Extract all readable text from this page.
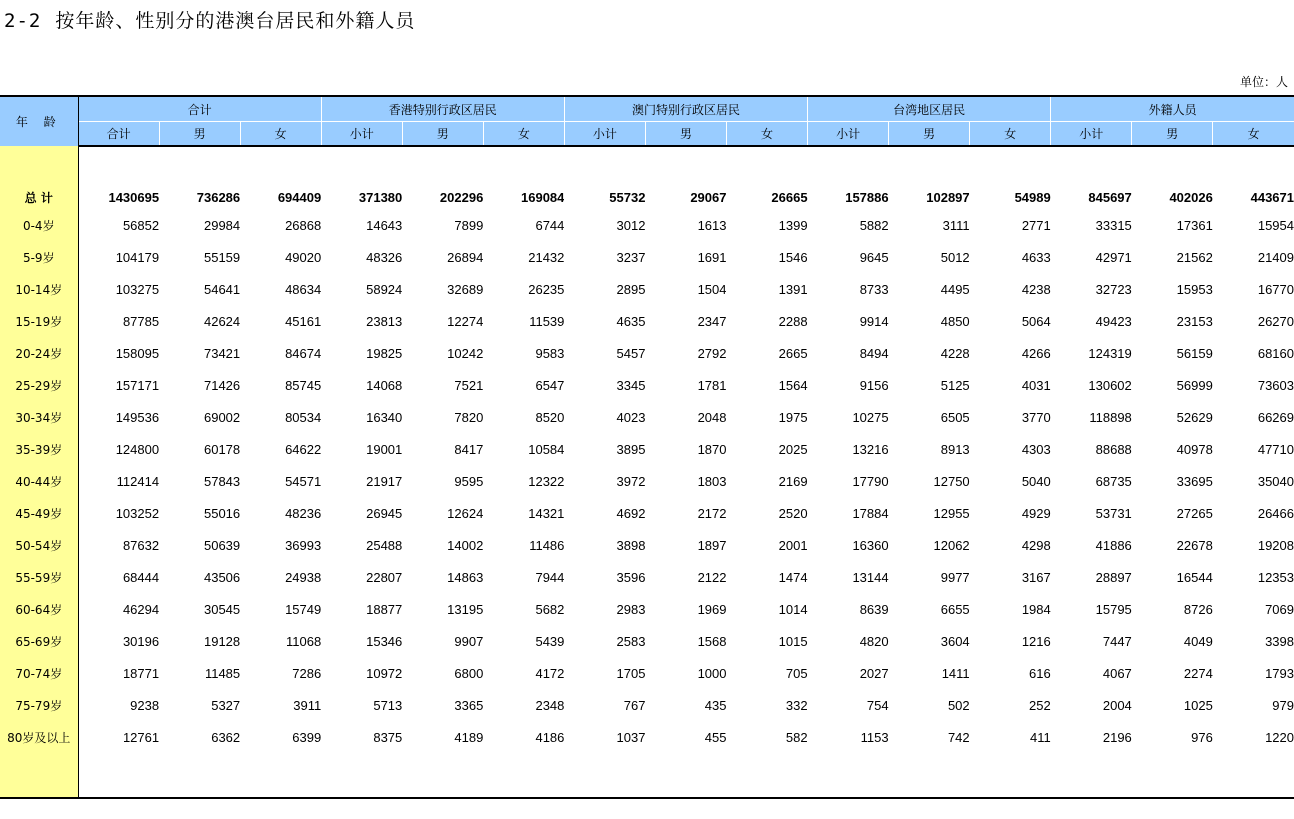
2-2 按年龄、性别分的港澳台居民和外籍人员
单位：人
年 龄	合计			香港特别行政区居民			澳门特别行政区居民			台湾地区居民			外籍人员		
	合计	男	女	小计	男	女	小计	男	女	小计	男	女	小计	男	女

总 计	1430695	736286	694409	371380	202296	169084	55732	29067	26665	157886	102897	54989	845697	402026	443671
0-4岁	56852	29984	26868	14643	7899	6744	3012	1613	1399	5882	3111	2771	33315	17361	15954
5-9岁	104179	55159	49020	48326	26894	21432	3237	1691	1546	9645	5012	4633	42971	21562	21409
10-14岁	103275	54641	48634	58924	32689	26235	2895	1504	1391	8733	4495	4238	32723	15953	16770
15-19岁	87785	42624	45161	23813	12274	11539	4635	2347	2288	9914	4850	5064	49423	23153	26270
20-24岁	158095	73421	84674	19825	10242	9583	5457	2792	2665	8494	4228	4266	124319	56159	68160
25-29岁	157171	71426	85745	14068	7521	6547	3345	1781	1564	9156	5125	4031	130602	56999	73603
30-34岁	149536	69002	80534	16340	7820	8520	4023	2048	1975	10275	6505	3770	118898	52629	66269
35-39岁	124800	60178	64622	19001	8417	10584	3895	1870	2025	13216	8913	4303	88688	40978	47710
40-44岁	112414	57843	54571	21917	9595	12322	3972	1803	2169	17790	12750	5040	68735	33695	35040
45-49岁	103252	55016	48236	26945	12624	14321	4692	2172	2520	17884	12955	4929	53731	27265	26466
50-54岁	87632	50639	36993	25488	14002	11486	3898	1897	2001	16360	12062	4298	41886	22678	19208
55-59岁	68444	43506	24938	22807	14863	7944	3596	2122	1474	13144	9977	3167	28897	16544	12353
60-64岁	46294	30545	15749	18877	13195	5682	2983	1969	1014	8639	6655	1984	15795	8726	7069
65-69岁	30196	19128	11068	15346	9907	5439	2583	1568	1015	4820	3604	1216	7447	4049	3398
70-74岁	18771	11485	7286	10972	6800	4172	1705	1000	705	2027	1411	616	4067	2274	1793
75-79岁	9238	5327	3911	5713	3365	2348	767	435	332	754	502	252	2004	1025	979
80岁及以上	12761	6362	6399	8375	4189	4186	1037	455	582	1153	742	411	2196	976	1220
